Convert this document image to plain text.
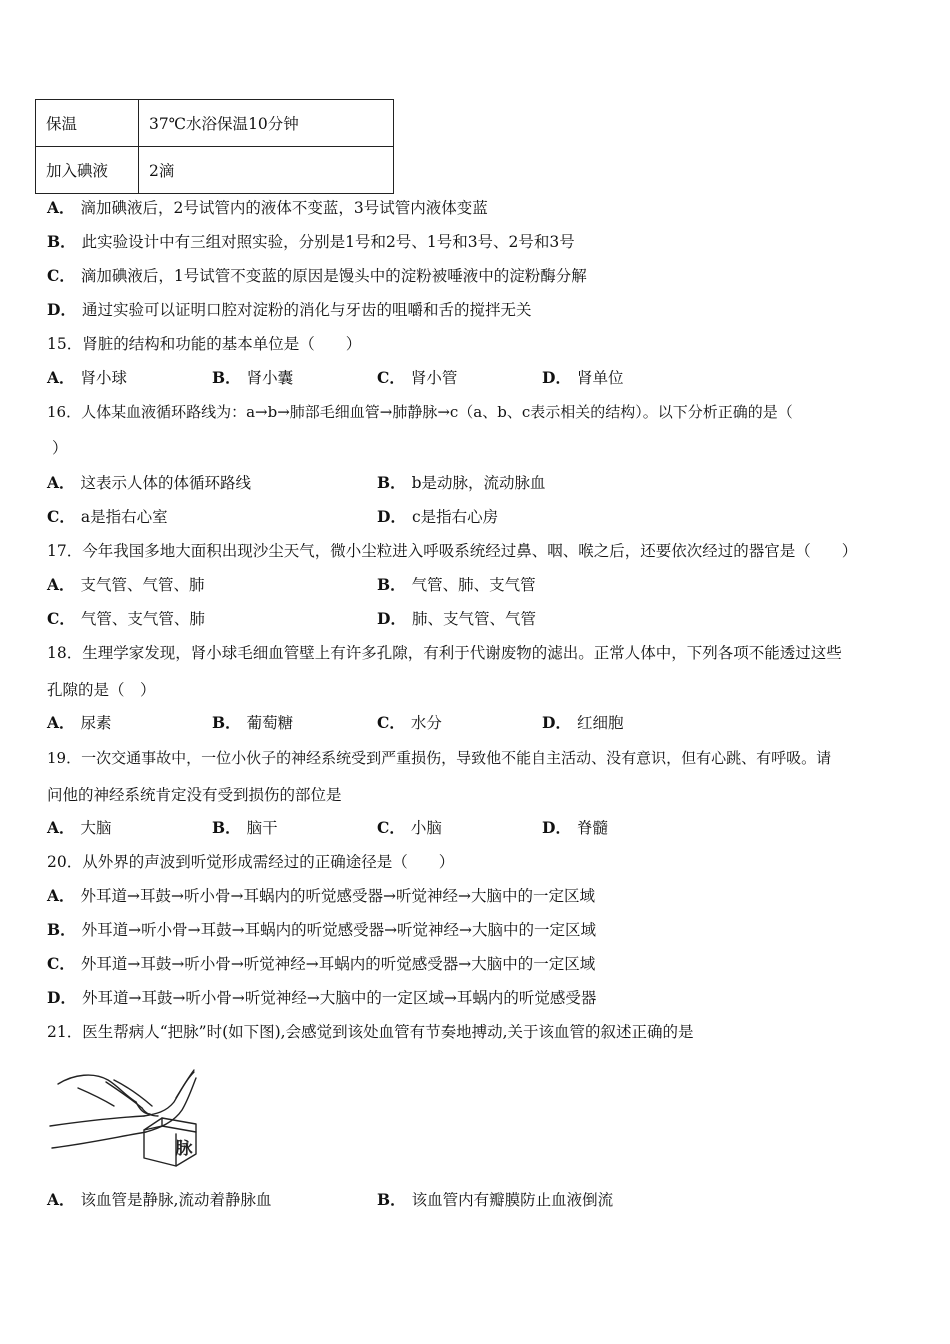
保温	37℃水浴保温10分钟
加入碘液	2滴
A． 滴加碘液后，2号试管内的液体不变蓝，3号试管内液体变蓝
B． 此实验设计中有三组对照实验，分别是1号和2号、1号和3号、2号和3号
C． 滴加碘液后，1号试管不变蓝的原因是馒头中的淀粉被唾液中的淀粉酶分解
D． 通过实验可以证明口腔对淀粉的消化与牙齿的咀嚼和舌的搅拌无关
15．肾脏的结构和功能的基本单位是（　　）
A． 肾小球	B． 肾小囊	C． 肾小管	D． 肾单位
16．人体某血液循环路线为：a→b→肺部毛细血管→肺静脉→c（a、b、c表示相关的结构）。以下分析正确的是（
）
A． 这表示人体的体循环路线	B． b是动脉，流动脉血
C． a是指右心室	D． c是指右心房
17．今年我国多地大面积出现沙尘天气，微小尘粒进入呼吸系统经过鼻、咽、喉之后，还要依次经过的器官是（　　）
A． 支气管、气管、肺	B． 气管、肺、支气管
C． 气管、支气管、肺	D． 肺、支气管、气管
18．生理学家发现，肾小球毛细血管壁上有许多孔隙，有利于代谢废物的滤出。正常人体中，下列各项不能透过这些
孔隙的是（　）
A． 尿素	B． 葡萄糖	C． 水分	D． 红细胞
19．一次交通事故中，一位小伙子的神经系统受到严重损伤，导致他不能自主活动、没有意识，但有心跳、有呼吸。请
问他的神经系统肯定没有受到损伤的部位是
A． 大脑	B． 脑干	C． 小脑	D． 脊髓
20．从外界的声波到听觉形成需经过的正确途径是（　　）
A． 外耳道→耳鼓→听小骨→耳蜗内的听觉感受器→听觉神经→大脑中的一定区域
B． 外耳道→听小骨→耳鼓→耳蜗内的听觉感受器→听觉神经→大脑中的一定区域
C． 外耳道→耳鼓→听小骨→听觉神经→耳蜗内的听觉感受器→大脑中的一定区域
D． 外耳道→耳鼓→听小骨→听觉神经→大脑中的一定区域→耳蜗内的听觉感受器
21．医生帮病人“把脉”时(如下图),会感觉到该处血管有节奏地搏动,关于该血管的叙述正确的是
脉
A． 该血管是静脉,流动着静脉血	B． 该血管内有瓣膜防止血液倒流
